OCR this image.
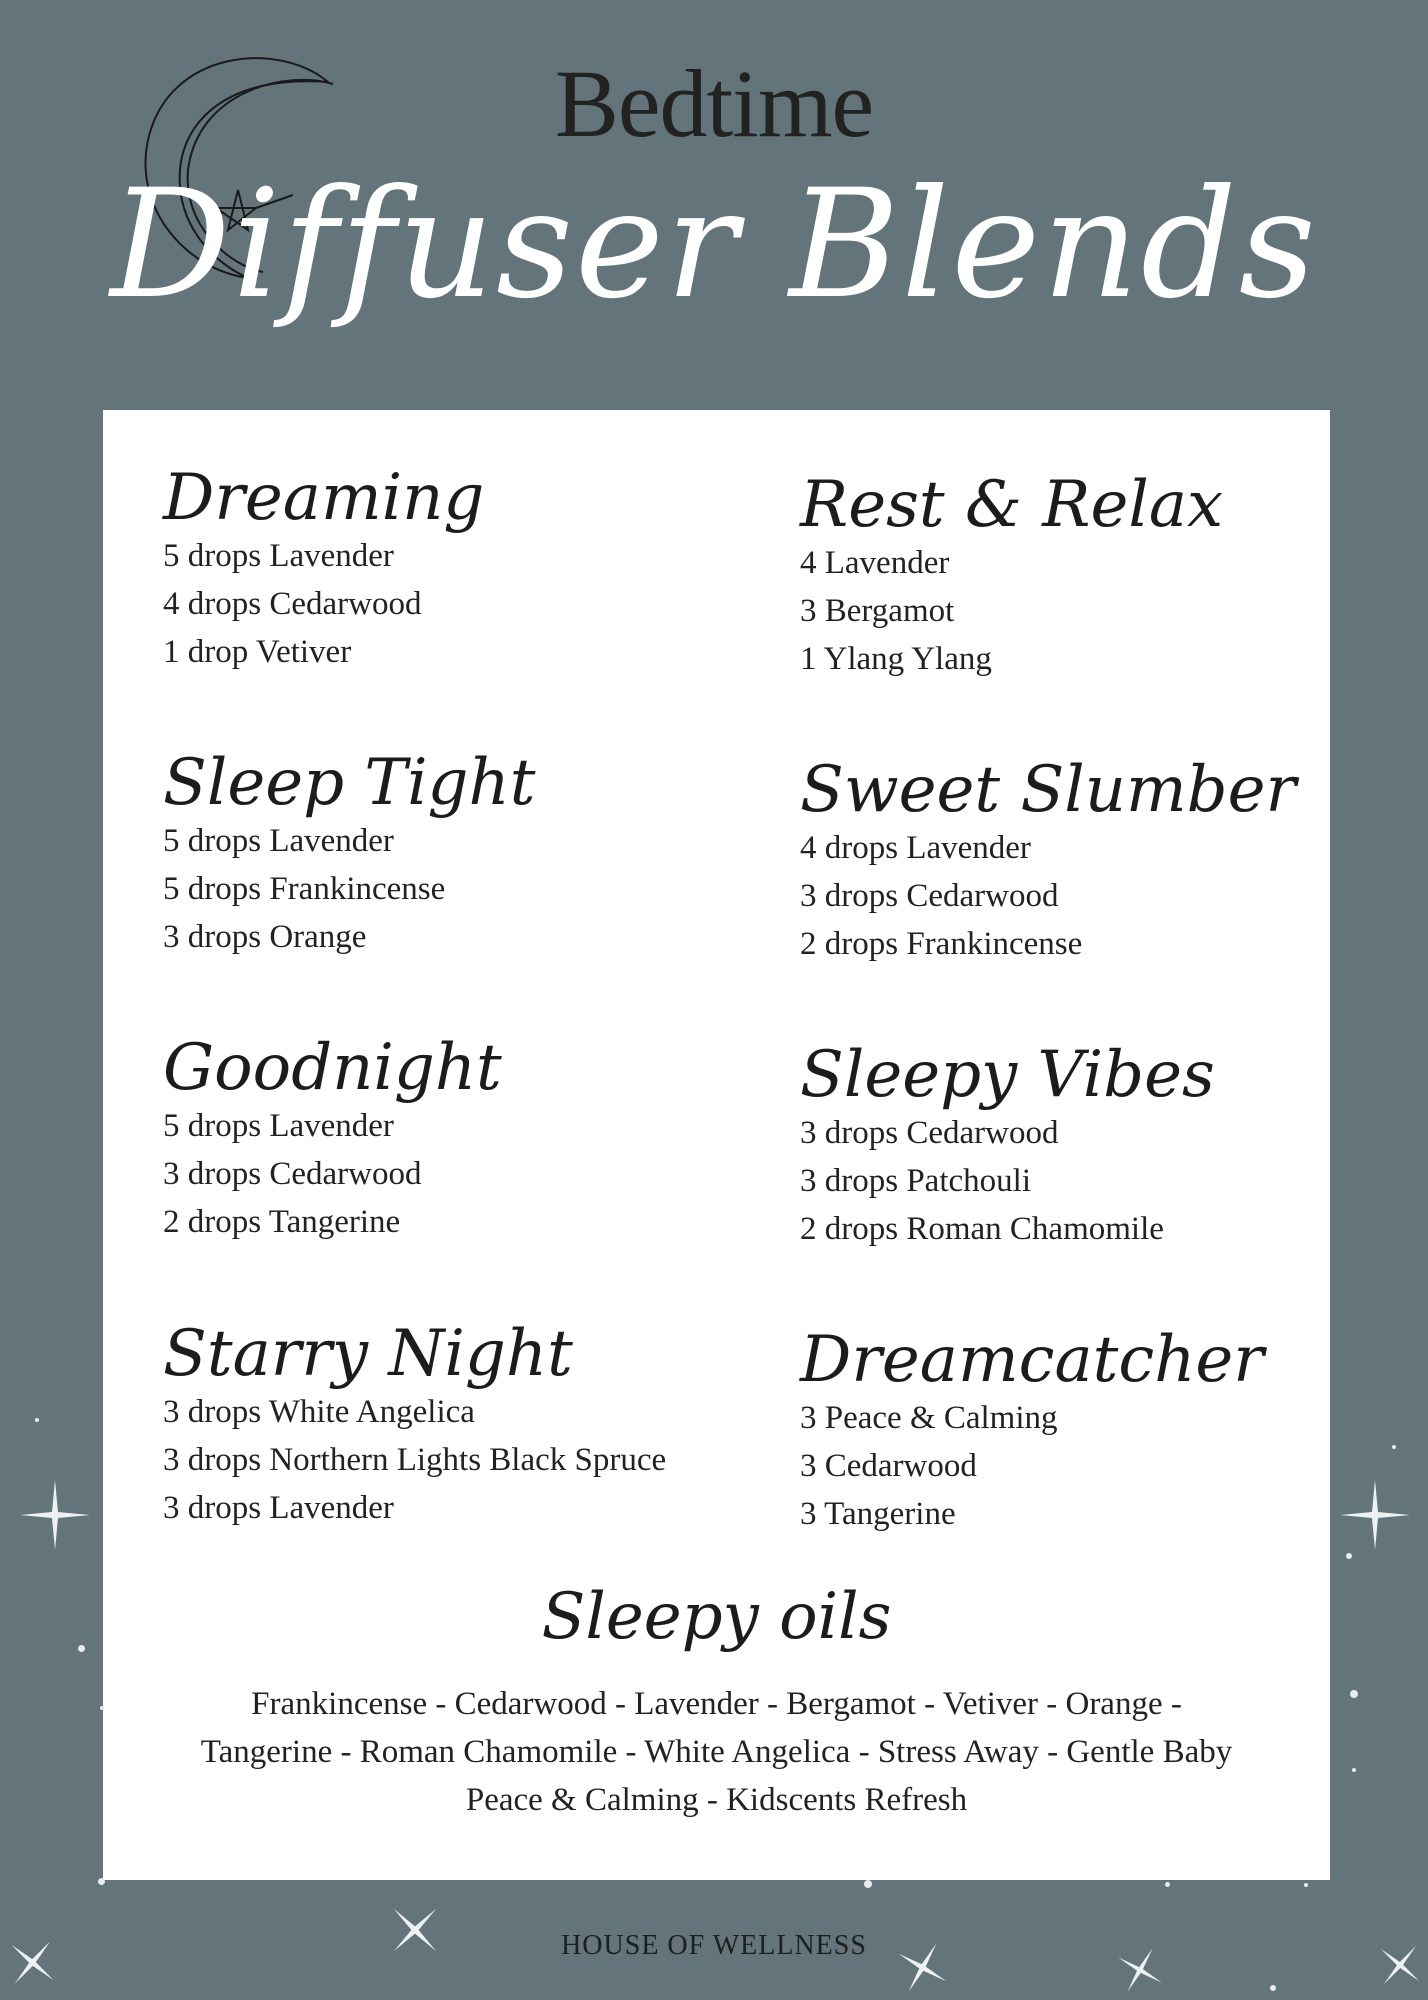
Bedtime
Diffuser Blends
Dreaming
5 drops Lavender
4 drops Cedarwood
1 drop Vetiver
Sleep Tight
5 drops Lavender
5 drops Frankincense
3 drops Orange
Goodnight
5 drops Lavender
3 drops Cedarwood
2 drops Tangerine
Starry Night
3 drops White Angelica
3 drops Northern Lights Black Spruce
3 drops Lavender
Rest & Relax
4 Lavender
3 Bergamot
1 Ylang Ylang
Sweet Slumber
4 drops Lavender
3 drops Cedarwood
2 drops Frankincense
Sleepy Vibes
3 drops Cedarwood
3 drops Patchouli
2 drops Roman Chamomile
Dreamcatcher
3 Peace & Calming
3 Cedarwood
3 Tangerine
Sleepy oils
Frankincense - Cedarwood - Lavender - Bergamot - Vetiver - Orange -
Tangerine - Roman Chamomile - White Angelica - Stress Away - Gentle Baby
Peace & Calming - Kidscents Refresh
HOUSE OF WELLNESS
